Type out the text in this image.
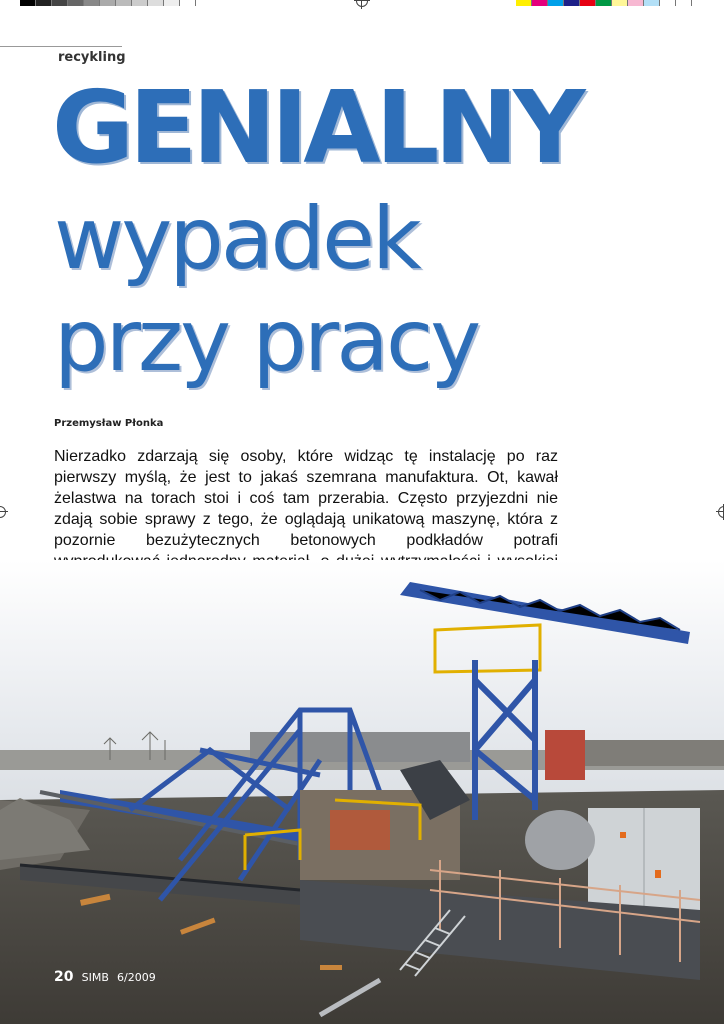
recykling
GENIALNY
wypadek
przy pracy
Przemysław Płonka
Nierzadko zdarzają się osoby, które widząc tę instalację po raz pierwszy myślą, że jest to jakaś szemrana manufaktura. Ot, kawał żelastwa na torach stoi i coś tam przerabia. Często przyjezdni nie zdają sobie sprawy z tego, że oglądają unikatową maszynę, która z pozornie bezużytecznych betonowych podkładów potrafi
20 SIMB 6/2009
